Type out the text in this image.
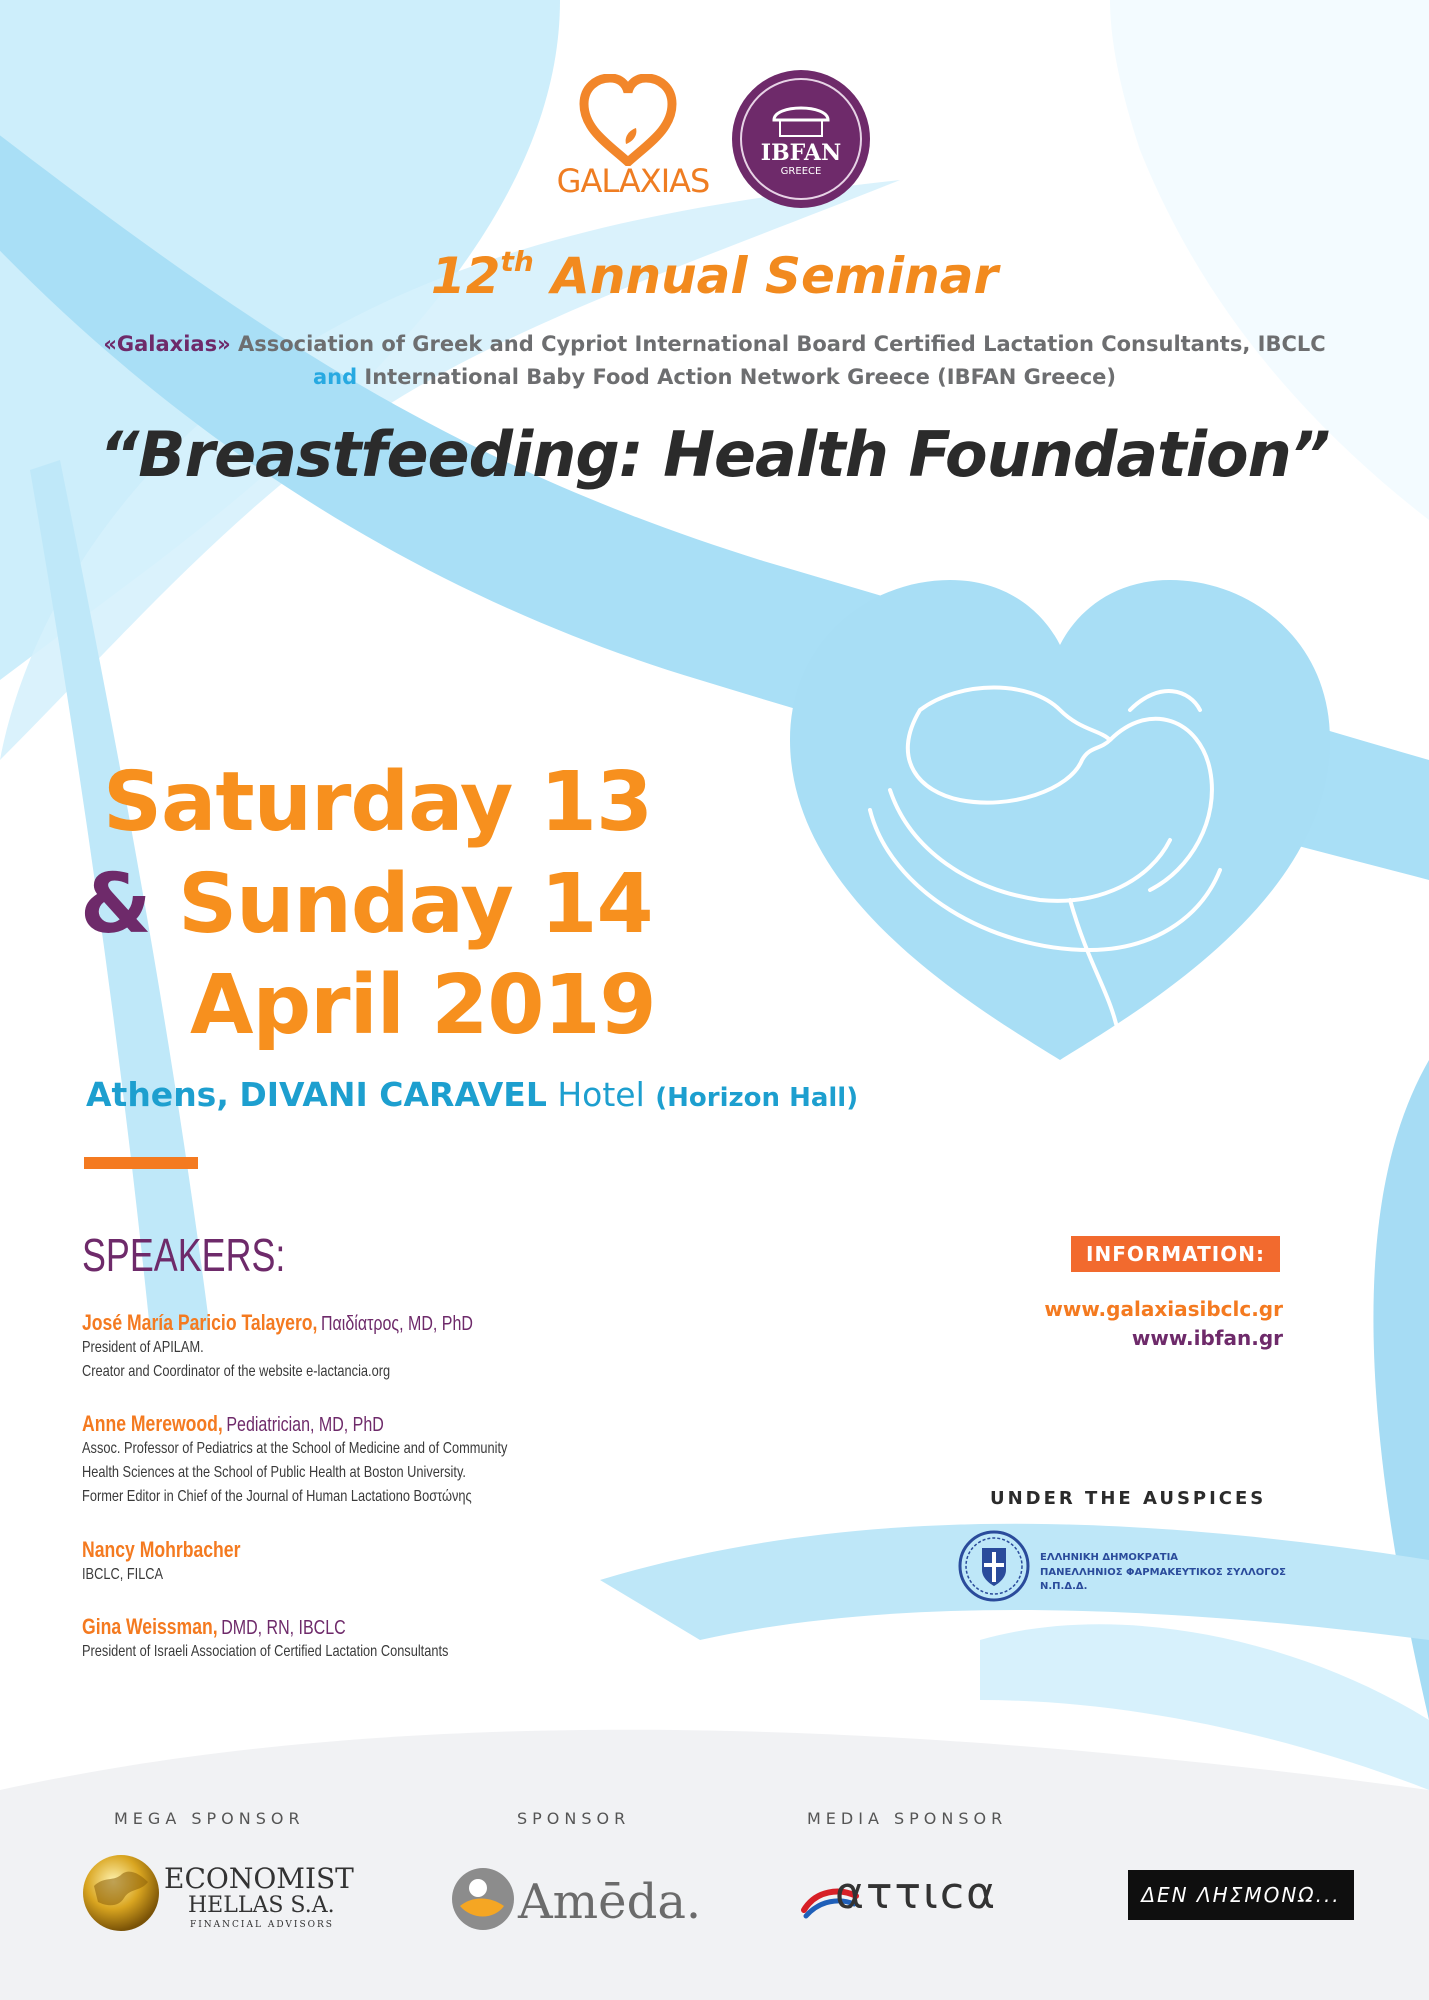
GALAXIAS
IBFAN
GREECE
12th Annual Seminar
«Galaxias» Association of Greek and Cypriot International Board Certified Lactation Consultants, IBCLC
and International Baby Food Action Network Greece (IBFAN Greece)
“Breastfeeding: Health Foundation”
Saturday 13
& Sunday 14
April 2019
Athens, DIVANI CARAVEL Hotel (Horizon Hall)
SPEAKERS:
José María Paricio Talayero, Παιδίατρος, MD, PhD
President of APILAM.
Creator and Coordinator of the website e-lactancia.org
Anne Merewood, Pediatrician, MD, PhD
Assoc. Professor of Pediatrics at the School of Medicine and of Community
Health Sciences at the School of Public Health at Boston University.
Former Editor in Chief of the Journal of Human Lactationο Βοστώνης
Nancy Mohrbacher
IBCLC, FILCA
Gina Weissman, DMD, RN, IBCLC
President of Israeli Association of Certified Lactation Consultants
INFORMATION:
www.galaxiasibclc.gr
www.ibfan.gr
UNDER THE AUSPICES
ΕΛΛΗΝΙΚΗ ΔΗΜΟΚΡΑΤΙΑ
ΠΑΝΕΛΛΗΝΙΟΣ ΦΑΡΜΑΚΕΥΤΙΚΟΣ ΣΥΛΛΟΓΟΣ
Ν.Π.Δ.Δ.
MEGA SPONSOR	SPONSOR	MEDIA SPONSOR
ECONOMIST
HELLAS S.A.
FINANCIAL ADVISORS	Amēda.	αττιcα	ΔΕΝ ΛΗΣΜΟΝΩ...
